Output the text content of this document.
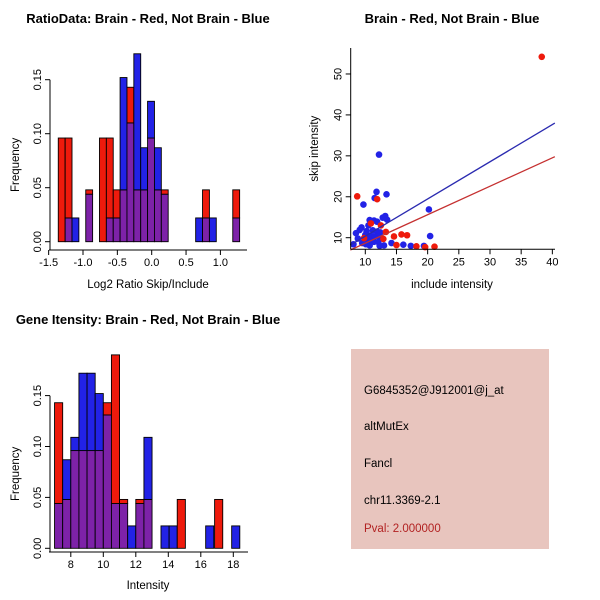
-1.5 -1.0 -0.5 0.0 0.5 1.0
0.00
0.05
0.10
0.15
RatioData: Brain - Red, Not Brain - Blue
Log2 Ratio Skip/Include
Frequency
10 15 20 25 30 35 40
10
20
30
40
50
Brain - Red, Not Brain - Blue
include intensity
skip intensity
8 10 12 14 16 18
0.00
0.05
0.10
0.15
Gene Itensity: Brain - Red, Not Brain - Blue
Intensity
Frequency
G6845352@J912001@j_at
altMutEx
Fancl
chr11.3369-2.1
Pval: 2.000000
